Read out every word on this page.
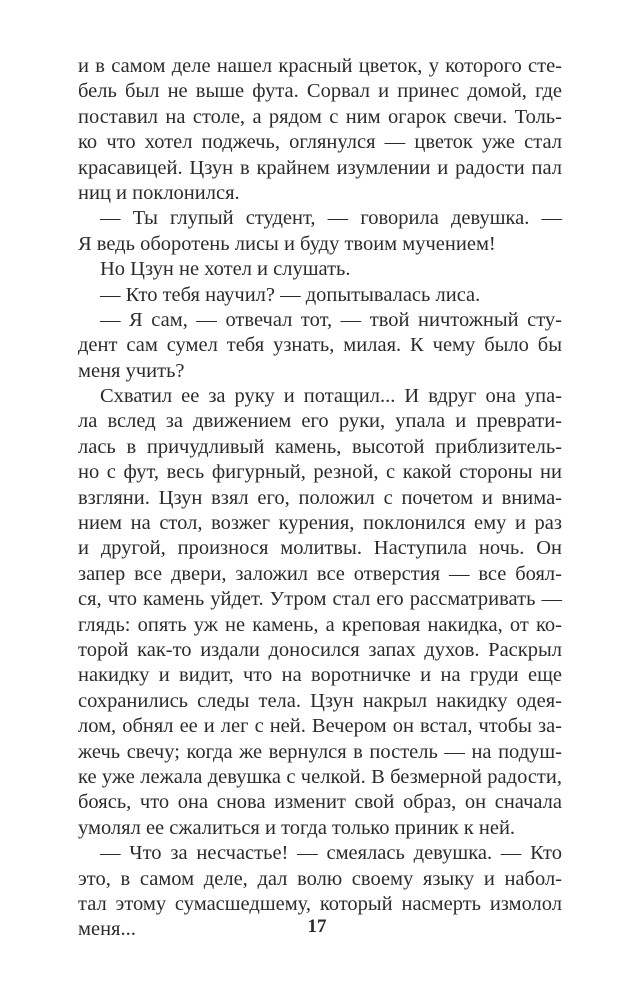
и в самом деле нашел красный цветок, у которого сте-
бель был не выше фута. Сорвал и принес домой, где
поставил на столе, а рядом с ним огарок свечи. Толь-
ко что хотел поджечь, оглянулся — цветок уже стал
красавицей. Цзун в крайнем изумлении и радости пал
ниц и поклонился.
— Ты глупый студент, — говорила девушка. —
Я ведь оборотень лисы и буду твоим мучением!
Но Цзун не хотел и слушать.
— Кто тебя научил? — допытывалась лиса.
— Я сам, — отвечал тот, — твой ничтожный сту-
дент сам сумел тебя узнать, милая. К чему было бы
меня учить?
Схватил ее за руку и потащил... И вдруг она упа-
ла вслед за движением его руки, упала и преврати-
лась в причудливый камень, высотой приблизитель-
но с фут, весь фигурный, резной, с какой стороны ни
взгляни. Цзун взял его, положил с почетом и внима-
нием на стол, возжег курения, поклонился ему и раз
и другой, произнося молитвы. Наступила ночь. Он
запер все двери, заложил все отверстия — все боял-
ся, что камень уйдет. Утром стал его рассматривать —
глядь: опять уж не камень, а креповая накидка, от ко-
торой как-то издали доносился запах духов. Раскрыл
накидку и видит, что на воротничке и на груди еще
сохранились следы тела. Цзун накрыл накидку одея-
лом, обнял ее и лег с ней. Вечером он встал, чтобы за-
жечь свечу; когда же вернулся в постель — на подуш-
ке уже лежала девушка с челкой. В безмерной радости,
боясь, что она снова изменит свой образ, он сначала
умолял ее сжалиться и тогда только приник к ней.
— Что за несчастье! — смеялась девушка. — Кто
это, в самом деле, дал волю своему языку и набол-
тал этому сумасшедшему, который насмерть измолол
меня...	17
